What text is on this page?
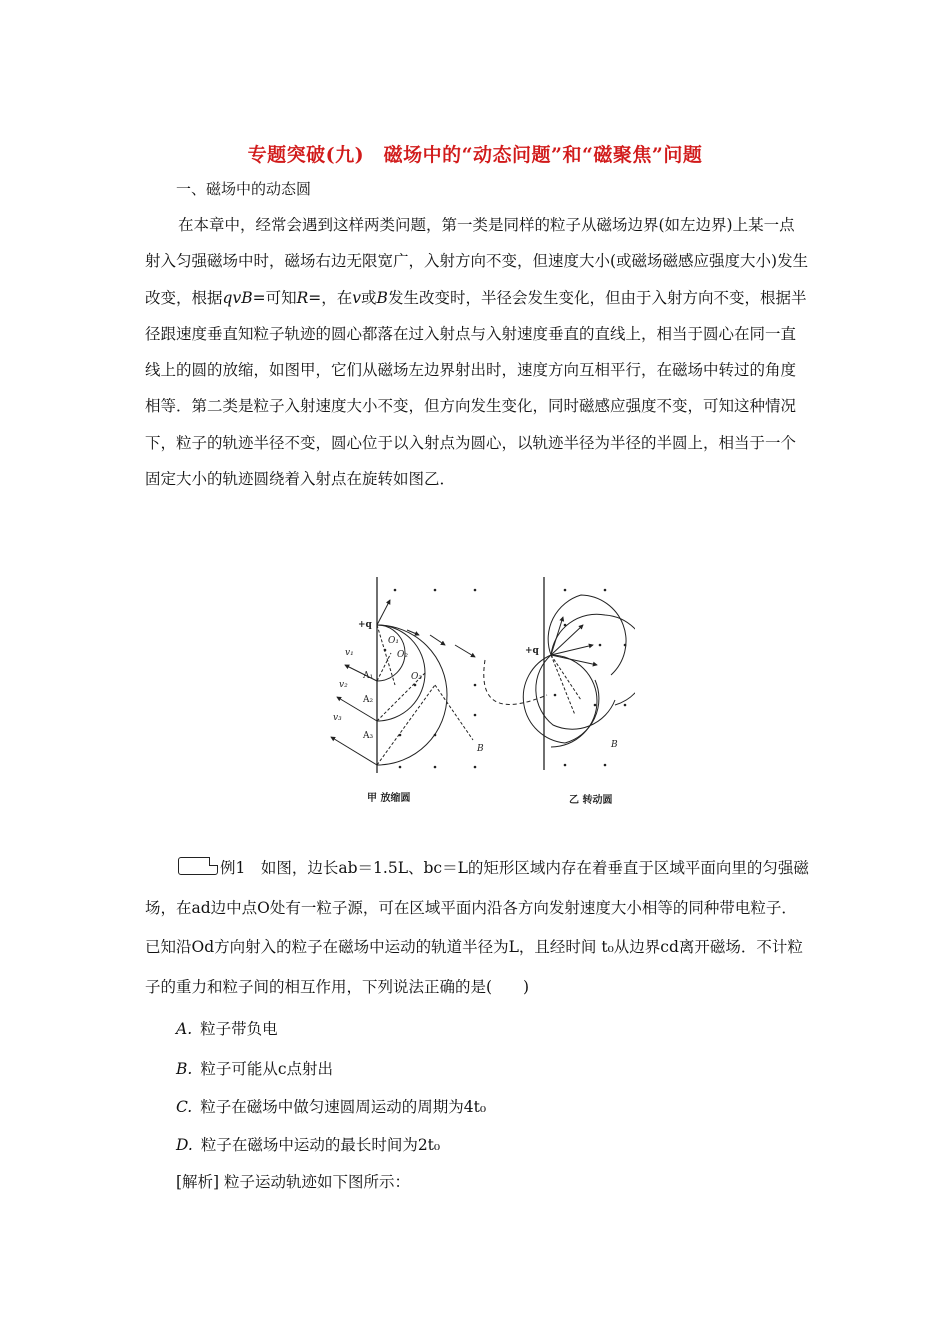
专题突破(九)　磁场中的“动态问题”和“磁聚焦”问题
一、磁场中的动态圆
在本章中，经常会遇到这样两类问题，第一类是同样的粒子从磁场边界(如左边界)上某一点射入匀强磁场中时，磁场右边无限宽广，入射方向不变，但速度大小(或磁场磁感应强度大小)发生改变，根据qvB=可知R=，在v或B发生改变时，半径会发生变化，但由于入射方向不变，根据半径跟速度垂直知粒子轨迹的圆心都落在过入射点与入射速度垂直的直线上，相当于圆心在同一直线上的圆的放缩，如图甲，它们从磁场左边界射出时，速度方向互相平行，在磁场中转过的角度相等．第二类是粒子入射速度大小不变，但方向发生变化，同时磁感应强度不变，可知这种情况下，粒子的轨迹半径不变，圆心位于以入射点为圆心，以轨迹半径为半径的半圆上，相当于一个固定大小的轨迹圆绕着入射点在旋转如图乙．
+q
A₁
A₂
A₃
v₁
v₂
v₃
O₁
O₂
O₃
B
甲 放缩圆
+q
B
乙 转动圆
例1　 如图，边长ab＝1.5L、bc＝L的矩形区域内存在着垂直于区域平面向里的匀强磁场，在ad边中点O处有一粒子源，可在区域平面内沿各方向发射速度大小相等的同种带电粒子．已知沿Od方向射入的粒子在磁场中运动的轨道半径为L，且经时间 t₀从边界cd离开磁场．不计粒子的重力和粒子间的相互作用，下列说法正确的是(　　)
A. 粒子带负电
B. 粒子可能从c点射出
C. 粒子在磁场中做匀速圆周运动的周期为4t₀
D. 粒子在磁场中运动的最长时间为2t₀
[解析] 粒子运动轨迹如下图所示：
